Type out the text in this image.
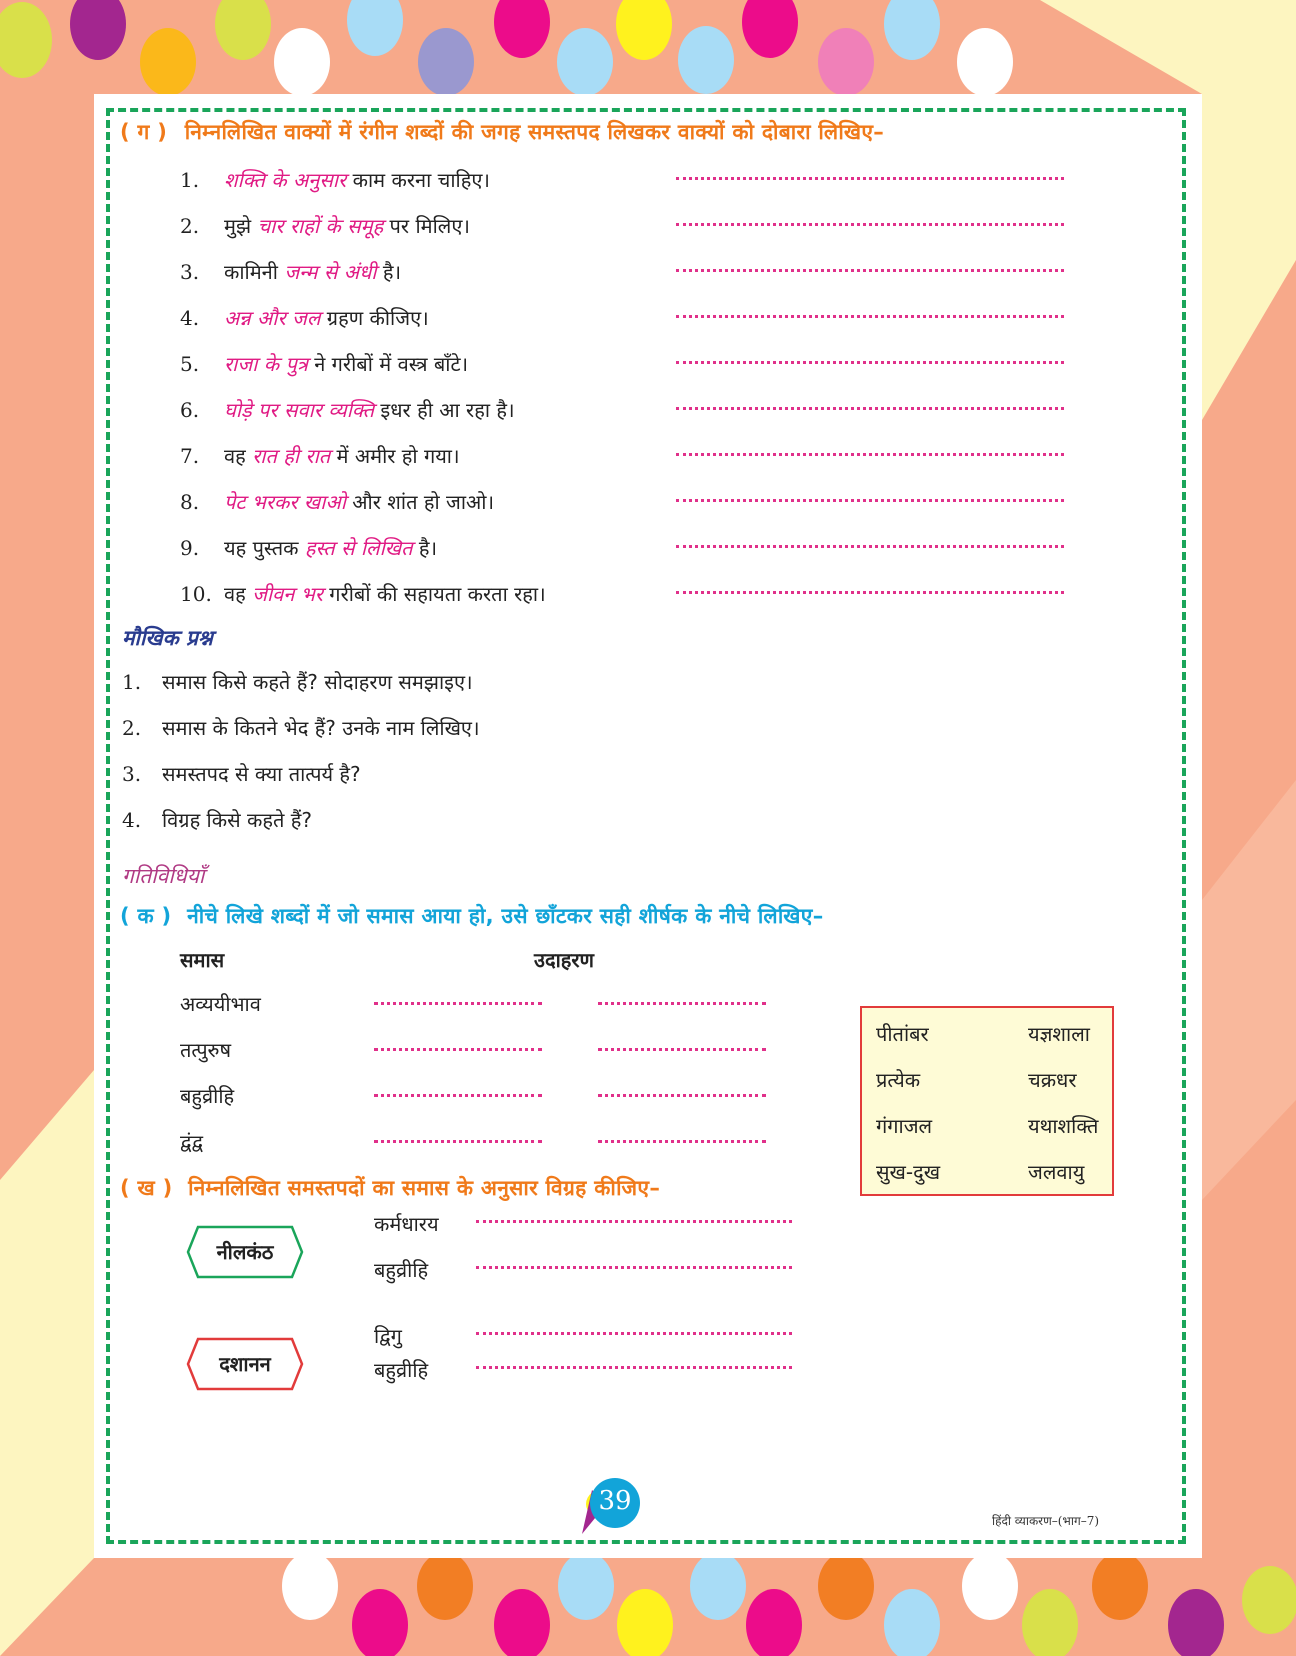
( ग ) निम्नलिखित वाक्यों में रंगीन शब्दों की जगह समस्तपद लिखकर वाक्यों को दोबारा लिखिए–
1. शक्ति के अनुसार काम करना चाहिए।
2. मुझे चार राहों के समूह पर मिलिए।
3. कामिनी जन्म से अंधी है।
4. अन्न और जल ग्रहण कीजिए।
5. राजा के पुत्र ने गरीबों में वस्त्र बाँटे।
6. घोड़े पर सवार व्यक्ति इधर ही आ रहा है।
7. वह रात ही रात में अमीर हो गया।
8. पेट भरकर खाओ और शांत हो जाओ।
9. यह पुस्तक हस्त से लिखित है।
10. वह जीवन भर गरीबों की सहायता करता रहा।
मौखिक प्रश्न
1. समास किसे कहते हैं? सोदाहरण समझाइए।
2. समास के कितने भेद हैं? उनके नाम लिखिए।
3. समस्तपद से क्या तात्पर्य है?
4. विग्रह किसे कहते हैं?
गतिविधियाँ
( क ) नीचे लिखे शब्दों में जो समास आया हो, उसे छाँटकर सही शीर्षक के नीचे लिखिए–
समास	उदाहरण
अव्ययीभाव
तत्पुरुष
बहुव्रीहि
द्वंद्व
पीतांबर	यज्ञशाला
प्रत्येक	चक्रधर
गंगाजल	यथाशक्ति
सुख-दुख	जलवायु
( ख ) निम्नलिखित समस्तपदों का समास के अनुसार विग्रह कीजिए–
नीलकंठ
कर्मधारय
बहुव्रीहि
दशानन
द्विगु
बहुव्रीहि
39
हिंदी व्याकरण–(भाग–7)
